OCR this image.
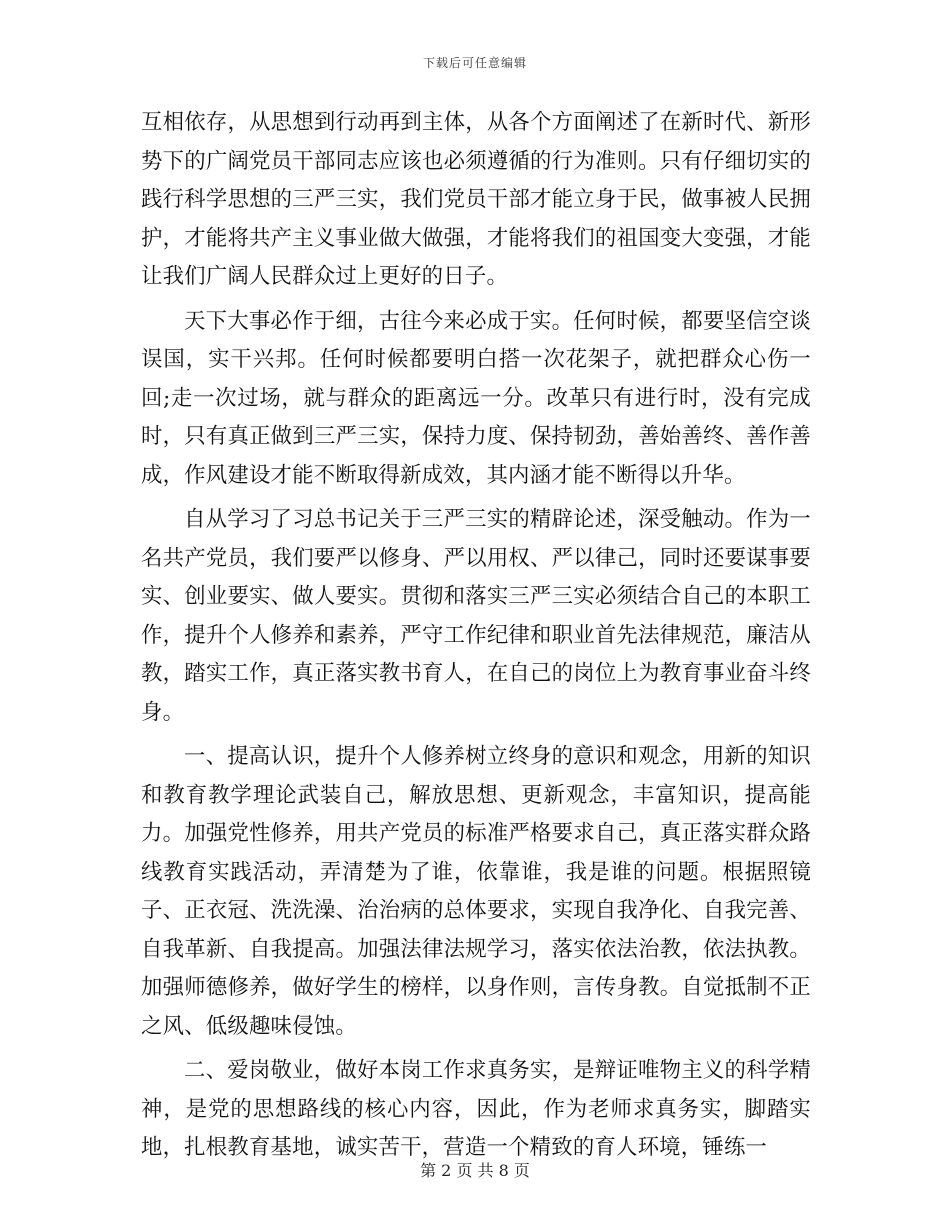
下载后可任意编辑

互相依存，从思想到行动再到主体，从各个方面阐述了在新时代、新形势下的广阔党员干部同志应该也必须遵循的行为准则。只有仔细切实的践行科学思想的三严三实，我们党员干部才能立身于民，做事被人民拥护，才能将共产主义事业做大做强，才能将我们的祖国变大变强，才能让我们广阔人民群众过上更好的日子。

天下大事必作于细，古往今来必成于实。任何时候，都要坚信空谈误国，实干兴邦。任何时候都要明白搭一次花架子，就把群众心伤一回;走一次过场，就与群众的距离远一分。改革只有进行时，没有完成时，只有真正做到三严三实，保持力度、保持韧劲，善始善终、善作善成，作风建设才能不断取得新成效，其内涵才能不断得以升华。

自从学习了习总书记关于三严三实的精辟论述，深受触动。作为一名共产党员，我们要严以修身、严以用权、严以律己，同时还要谋事要实、创业要实、做人要实。贯彻和落实三严三实必须结合自己的本职工作，提升个人修养和素养，严守工作纪律和职业首先法律规范，廉洁从教，踏实工作，真正落实教书育人，在自己的岗位上为教育事业奋斗终身。

一、提高认识，提升个人修养树立终身的意识和观念，用新的知识和教育教学理论武装自己，解放思想、更新观念，丰富知识，提高能力。加强党性修养，用共产党员的标准严格要求自己，真正落实群众路线教育实践活动，弄清楚为了谁，依靠谁，我是谁的问题。根据照镜子、正衣冠、洗洗澡、治治病的总体要求，实现自我净化、自我完善、自我革新、自我提高。加强法律法规学习，落实依法治教，依法执教。加强师德修养，做好学生的榜样，以身作则，言传身教。自觉抵制不正之风、低级趣味侵蚀。

二、爱岗敬业，做好本岗工作求真务实，是辩证唯物主义的科学精神，是党的思想路线的核心内容，因此，作为老师求真务实，脚踏实地，扎根教育基地，诚实苦干，营造一个精致的育人环境，锤练一

第 2 页 共 8 页
